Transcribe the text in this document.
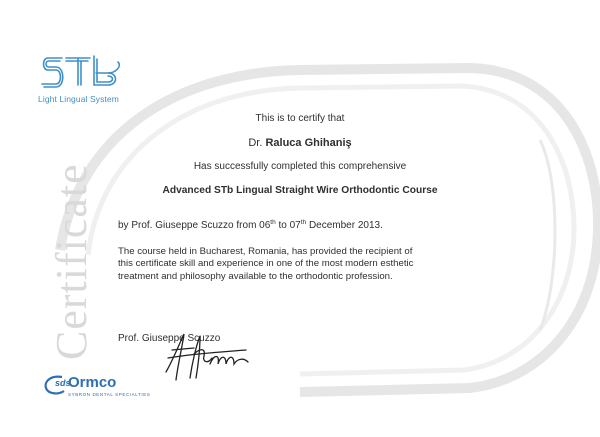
Light Lingual System
Certificate
This is to certify that
Dr. Raluca Ghihaniş
Has successfully completed this comprehensive
Advanced STb Lingual Straight Wire Orthodontic Course
by Prof. Giuseppe Scuzzo from 06th to 07th December 2013.
The course held in Bucharest, Romania, has provided the recipient of
this certificate skill and experience in one of the most modern esthetic
treatment and philosophy available to the orthodontic profession.
Prof. Giuseppe Scuzzo
sds
Ormco
SYBRON DENTAL SPECIALTIES
